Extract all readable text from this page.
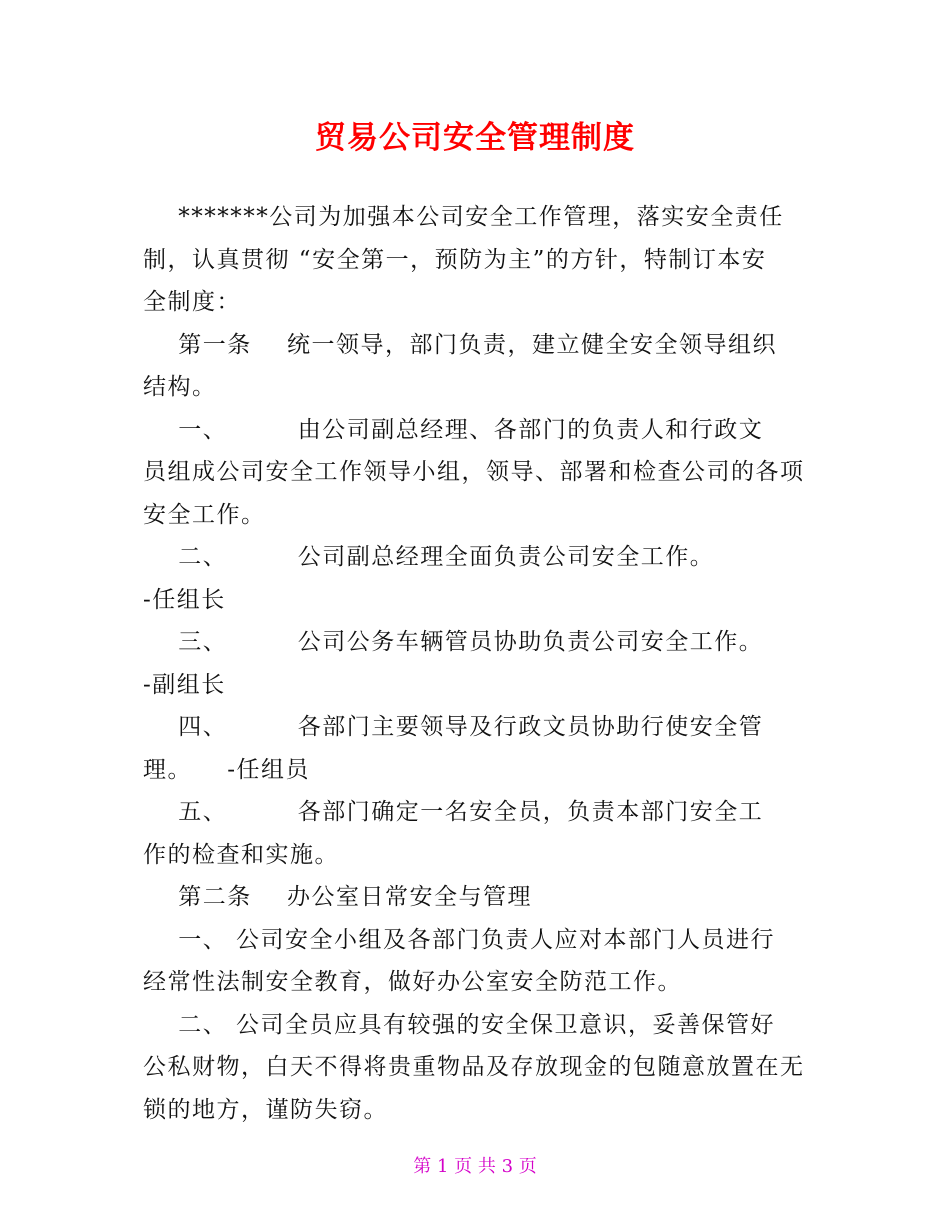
贸易公司安全管理制度
*******公司为加强本公司安全工作管理，落实安全责任
制，认真贯彻 “安全第一，预防为主”的方针，特制订本安
全制度：
第一条    统一领导，部门负责，建立健全安全领导组织
结构。
一、        由公司副总经理、各部门的负责人和行政文
员组成公司安全工作领导小组，领导、部署和检查公司的各项
安全工作。
二、        公司副总经理全面负责公司安全工作。
-任组长
三、        公司公务车辆管员协助负责公司安全工作。
-副组长
四、        各部门主要领导及行政文员协助行使安全管
理。    -任组员
五、        各部门确定一名安全员，负责本部门安全工
作的检查和实施。
第二条    办公室日常安全与管理
一、 公司安全小组及各部门负责人应对本部门人员进行
经常性法制安全教育，做好办公室安全防范工作。
二、 公司全员应具有较强的安全保卫意识，妥善保管好
公私财物，白天不得将贵重物品及存放现金的包随意放置在无
锁的地方，谨防失窃。
第 1 页 共 3 页
